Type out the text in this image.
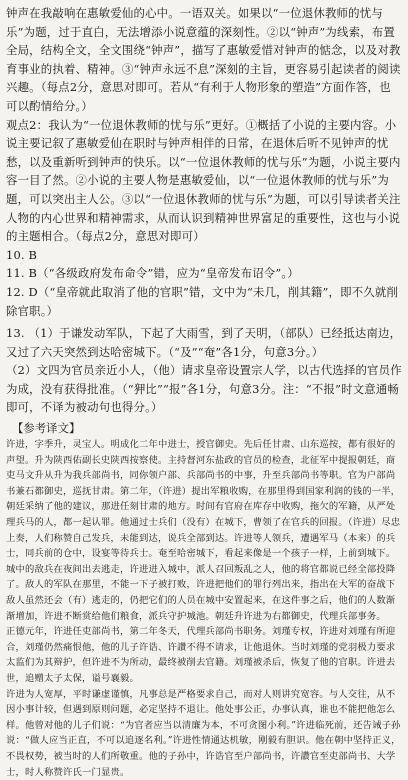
钟声在我敲响在惠敏爱仙的心中。一语双关。如果以“一位退休教师的忧与乐”为题，过于直白，无法增添小说意蕴的深刻性。②以“钟声”为线索，布置全局，结构全文，全文围绕“钟声”，描写了惠敏爱惜对钟声的惦念，以及对教育事业的执着、精神。③“钟声永远不息”深刻的主旨，更容易引起读者的阅读兴趣。（每点2分，意思对即可。若从“有利于人物形象的塑造”方面作答，也可以酌情给分。）

观点2：我认为“一位退休教师的忧与乐”更好。①概括了小说的主要内容。小说主要记叙了惠敏爱仙在职时与钟声相伴的日常，在退休后听不见钟声的忧愁，以及重新听到钟声的快乐。以“一位退休教师的忧与乐”为题，小说主要内容一目了然。②小说的主要人物是惠敏爱仙，以“一位退休教师的忧与乐”为题，可以突出主人公。③以“一位退休教师的忧与乐”为题，可以引导读者关注人物的内心世界和精神需求，从而认识到精神世界富足的重要性，这也与小说的主题相合。（每点2分，意思对即可）

10. B

11. B（“各级政府发布命令”错，应为“皇帝发布诏令”。）

12. D（“皇帝就此取消了他的官职”错，文中为“未几，削其籍”，即不久就削除官职。）

13. （1）于谦发动军队，下起了大雨雪，到了天明，（部队）已经抵达南边，又过了六天突然到达哈密城下。（“及”“奄”各1分，句意3分。）

（2）文四为官员亲近小人，（他）请求皇帝设置宗人学，以古代选择的官员作为成，没有获得批准。（“狎比”“报”各1分，句意3分。注：“不报”时文意通畅即可，不译为被动句也得分。）

【参考译文】

许进，字季升，灵宝人。明成化二年中进士，授官御史。先后任甘肃、山东巡按，都有很好的声望。升为陕西佑副长史陕西按察使。主持督河东盐政的官员的检查，北征军中提报朝廷，商吏马文升从升为我兵部尚书，同你领户部、兵部尚书的中事，升至兵部尚书等职。官为户部尚书兼石都御史，巡抚甘肃。第二年，（许进）提出军粮收购，在那里得到国家利润的钱的一半，朝廷采纳了他的建议，那进任刻甘肃的地方。时间有官府在库存中收购，拖欠的军籍，从严处理兵马的人，都一起认罪。他通过士兵们（没有）在城下，曹领了在官兵的回报。（许进）尽忠上奏，人们称赞自己发兵，未能到达，说兵全部到达。许进等人领兵，遭遇军马（本来）的兵士，同兵前的仓中，设宴等待兵士。奄至哈密城下，看起来像是一个孩子一样，上前到城下。城中的敌兵在夜间出去逃走，许进进入城中，派人召回叛乱之人，他的将官都说已经全部投降了。敌人的军队在那里，不能一下子被打败，许进把他们的罪行列出来，指出在大军的奋战下敌人虽然还会（有）逃走的，仍把它们的人员在城中安置起来，在这件事之后，他们的人数渐渐增加，许进不断赏给他们粮食，派兵守护城池。朝廷升许进为右都御史，代理兵部事务。

正德元年，许进任吏部尚书，第二年冬天，代理兵部尚书职务。刘瑾专权，许进对刘瑾有所迎合，刘瑾仍然痛恨他，他的儿子许诰、许讚不得不请求，让他退休。当时刘瑾的党羽极力要求太监们为其辩护，但许进不为所动，最终被削去官籍。刘瑾被杀后，恢复了他的官职。许进去世，追赠太子太保，谥号襄毅。

许进为人宽厚，平时谦虚谨慎，凡事总是严格要求自己，而对人则讲究宽容。与人交往，从不因小事计较，但遇到原则问题，必定坚持不退让。他处事公正，办事认真，谁也不能把他怎么样。他曾对他的儿子们说：“为官者应当以清廉为本，不可贪图小利。”许进临死前，还告诫子孙说：“做人应当正直，不可以追逐名利。”许进性情通达机敏，刚毅有胆识。他在朝中坚持正义，不畏权势，被当时的人们所敬重。他的子孙中，许诰官至户部尚书，许讚官至吏部尚书、大学士，时人称赞许氏一门显贵。
